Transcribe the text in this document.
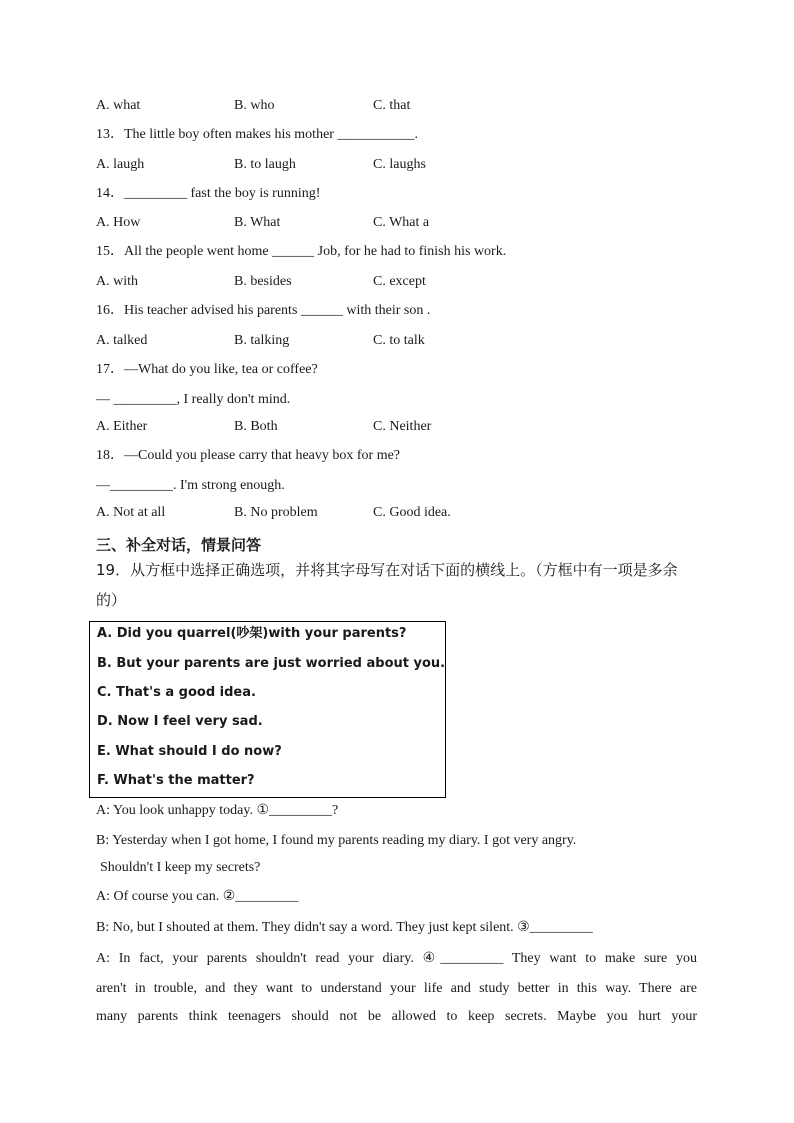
A. what	B. who	C. that
13．The little boy often makes his mother ___________.
A. laugh	B. to laugh	C. laughs
14．_________ fast the boy is running!
A. How	B. What	C. What a
15．All the people went home ______ Job, for he had to finish his work.
A. with	B. besides	C. except
16．His teacher advised his parents ______ with their son .
A. talked	B. talking	C. to talk
17．—What do you like, tea or coffee?
— _________, I really don't mind.
A. Either	B. Both	C. Neither
18．—Could you please carry that heavy box for me?
—_________. I'm strong enough.
A. Not at all	B. No problem	C. Good idea.
三、补全对话，情景问答
19．从方框中选择正确选项，并将其字母写在对话下面的横线上。（方框中有一项是多余的）
A. Did you quarrel(吵架)with your parents?
B. But your parents are just worried about you.
C. That's a good idea.
D. Now I feel very sad.
E. What should I do now?
F. What's the matter?
A: You look unhappy today. ①_________?
B: Yesterday when I got home, I found my parents reading my diary. I got very angry.
Shouldn't I keep my secrets?
A: Of course you can. ②_________
B: No, but I shouted at them. They didn't say a word. They just kept silent. ③_________
A: In fact, your parents shouldn't read your diary. ④_________ They want to make sure you
aren't in trouble, and they want to understand your life and study better in this way. There are
many parents think teenagers should not be allowed to keep secrets. Maybe you hurt your
